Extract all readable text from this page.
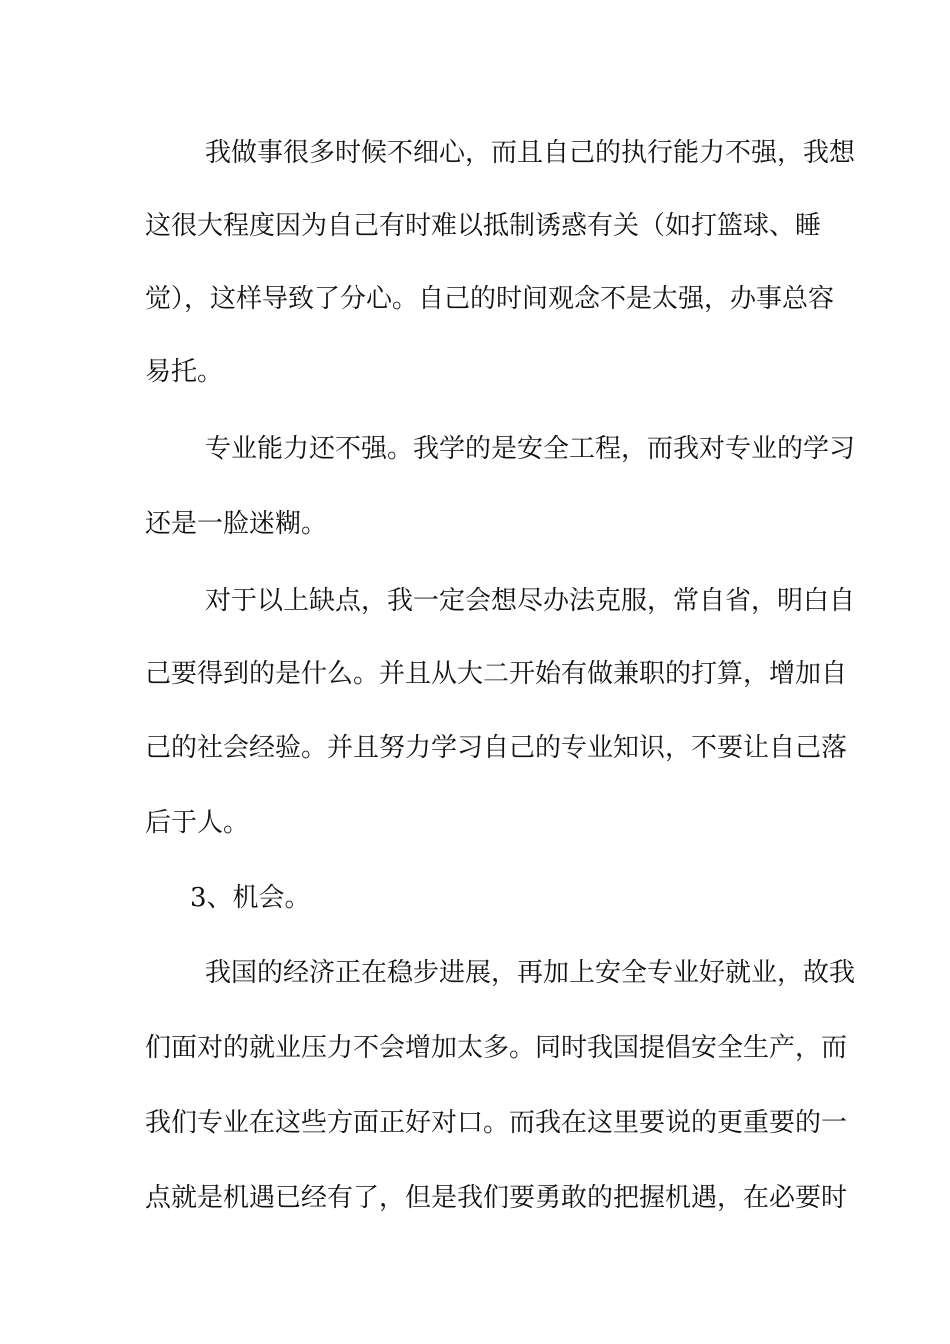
我做事很多时候不细心，而且自己的执行能力不强，我想

这很大程度因为自己有时难以抵制诱惑有关（如打篮球、睡

觉），这样导致了分心。自己的时间观念不是太强，办事总容

易托。

专业能力还不强。我学的是安全工程，而我对专业的学习

还是一脸迷糊。

对于以上缺点，我一定会想尽办法克服，常自省，明白自

己要得到的是什么。并且从大二开始有做兼职的打算，增加自

己的社会经验。并且努力学习自己的专业知识，不要让自己落

后于人。

3、机会。

我国的经济正在稳步进展，再加上安全专业好就业，故我

们面对的就业压力不会增加太多。同时我国提倡安全生产，而

我们专业在这些方面正好对口。而我在这里要说的更重要的一

点就是机遇已经有了，但是我们要勇敢的把握机遇，在必要时
